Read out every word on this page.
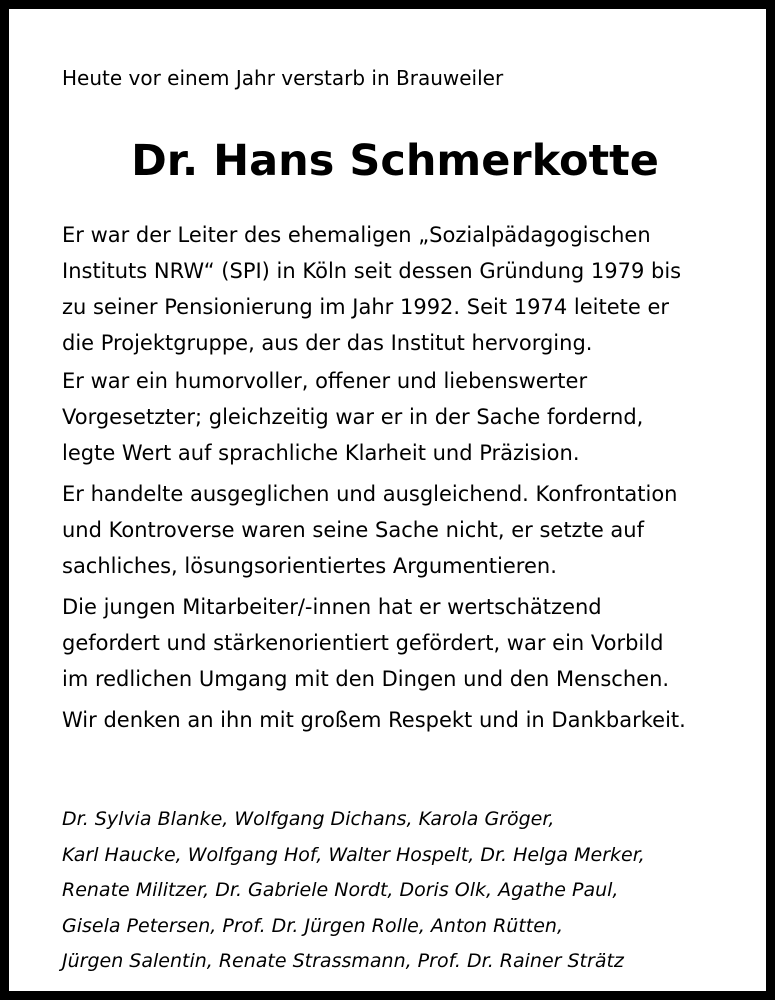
Heute vor einem Jahr verstarb in Brauweiler
Dr. Hans Schmerkotte
Er war der Leiter des ehemaligen „Sozialpädagogischen
Instituts NRW“ (SPI) in Köln seit dessen Gründung 1979 bis
zu seiner Pensionierung im Jahr 1992. Seit 1974 leitete er
die Projektgruppe, aus der das Institut hervorging.
Er war ein humorvoller, offener und liebenswerter
Vorgesetzter; gleichzeitig war er in der Sache fordernd,
legte Wert auf sprachliche Klarheit und Präzision.
Er handelte ausgeglichen und ausgleichend. Konfrontation
und Kontroverse waren seine Sache nicht, er setzte auf
sachliches, lösungsorientiertes Argumentieren.
Die jungen Mitarbeiter/-innen hat er wertschätzend
gefordert und stärkenorientiert gefördert, war ein Vorbild
im redlichen Umgang mit den Dingen und den Menschen.
Wir denken an ihn mit großem Respekt und in Dankbarkeit.
Dr. Sylvia Blanke, Wolfgang Dichans, Karola Gröger,
Karl Haucke, Wolfgang Hof, Walter Hospelt, Dr. Helga Merker,
Renate Militzer, Dr. Gabriele Nordt, Doris Olk, Agathe Paul,
Gisela Petersen, Prof. Dr. Jürgen Rolle, Anton Rütten,
Jürgen Salentin, Renate Strassmann, Prof. Dr. Rainer Strätz
